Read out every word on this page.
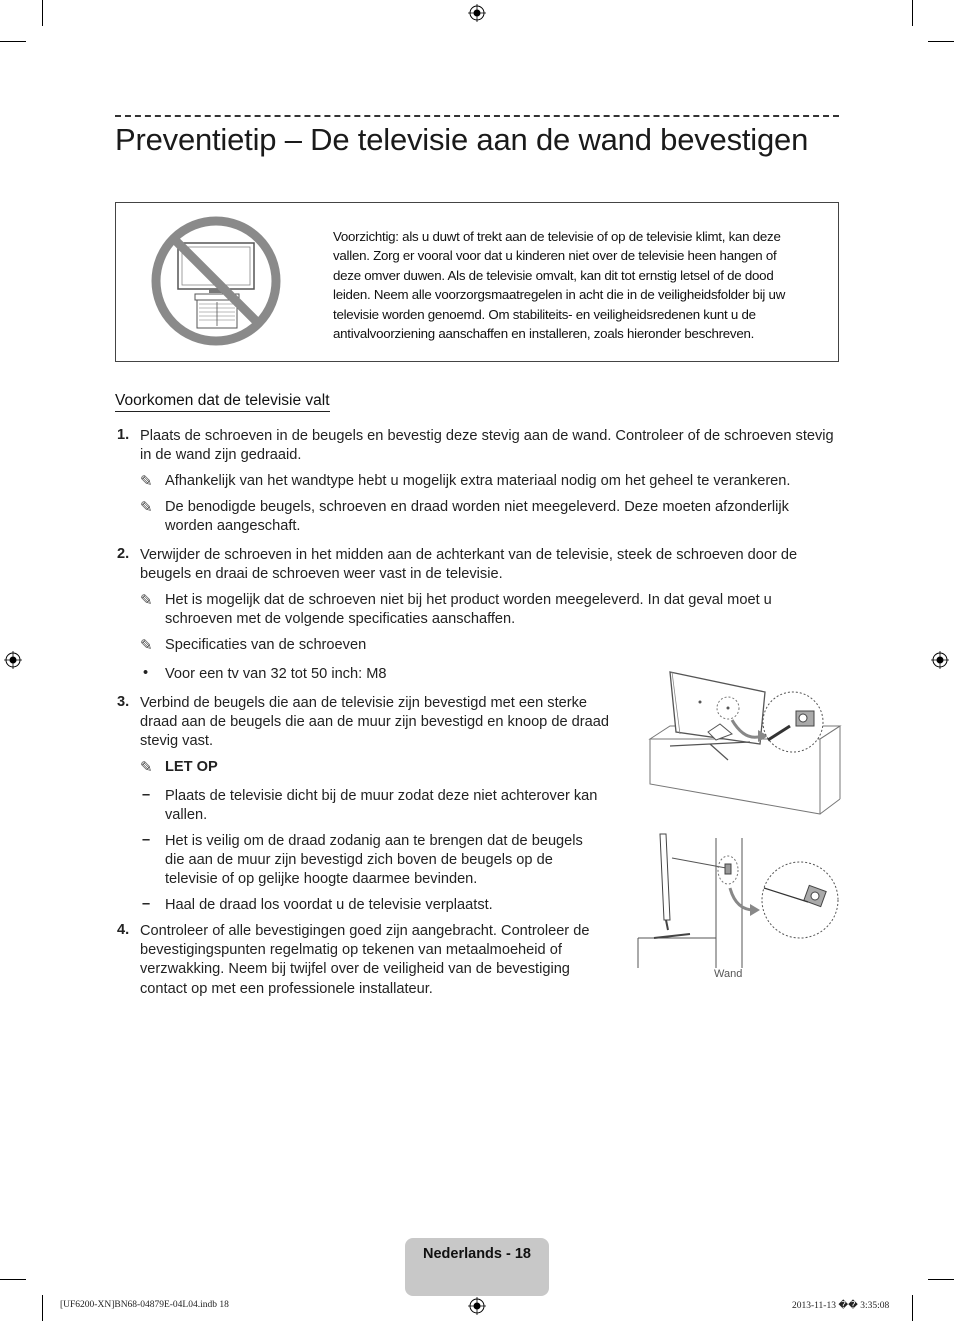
Preventietip – De televisie aan de wand bevestigen
Voorzichtig: als u duwt of trekt aan de televisie of op de televisie klimt, kan deze vallen. Zorg er vooral voor dat u kinderen niet over de televisie heen hangen of deze omver duwen. Als de televisie omvalt, kan dit tot ernstig letsel of de dood leiden. Neem alle voorzorgsmaatregelen in acht die in de veiligheidsfolder bij uw televisie worden genoemd. Om stabiliteits- en veiligheidsredenen kunt u de antivalvoorziening aanschaffen en installeren, zoals hieronder beschreven.
Voorkomen dat de televisie valt
1. Plaats de schroeven in de beugels en bevestig deze stevig aan de wand. Controleer of de schroeven stevig in de wand zijn gedraaid.
✎ Afhankelijk van het wandtype hebt u mogelijk extra materiaal nodig om het geheel te verankeren.
✎ De benodigde beugels, schroeven en draad worden niet meegeleverd. Deze moeten afzonderlijk worden aangeschaft.
2. Verwijder de schroeven in het midden aan de achterkant van de televisie, steek de schroeven door de beugels en draai de schroeven weer vast in de televisie.
✎ Het is mogelijk dat de schroeven niet bij het product worden meegeleverd. In dat geval moet u schroeven met de volgende specificaties aanschaffen.
✎ Specificaties van de schroeven
• Voor een tv van 32 tot 50 inch: M8
3. Verbind de beugels die aan de televisie zijn bevestigd met een sterke draad aan de beugels die aan de muur zijn bevestigd en knoop de draad stevig vast.
✎ LET OP
– Plaats de televisie dicht bij de muur zodat deze niet achterover kan vallen.
– Het is veilig om de draad zodanig aan te brengen dat de beugels die aan de muur zijn bevestigd zich boven de beugels op de televisie of op gelijke hoogte daarmee bevinden.
– Haal de draad los voordat u de televisie verplaatst.
4. Controleer of alle bevestigingen goed zijn aangebracht. Controleer de bevestigingspunten regelmatig op tekenen van metaalmoeheid of verzwakking. Neem bij twijfel over de veiligheid van de bevestiging contact op met een professionele installateur.
Wand
Nederlands - 18
[UF6200-XN]BN68-04879E-04L04.indb 18	2013-11-13 �� 3:35:08
